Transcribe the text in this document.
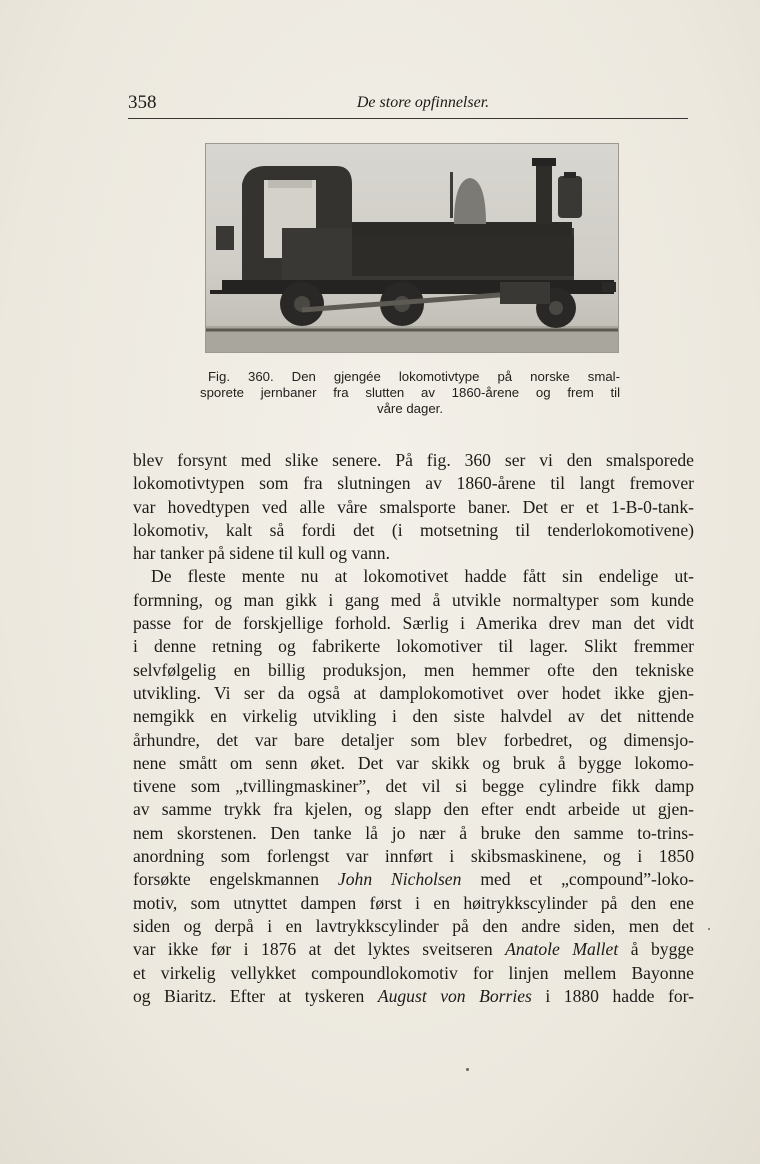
358	De store opfinnelser.
Fig. 360. Den gjengée lokomotivtype på norske smal-
sporete jernbaner fra slutten av 1860-årene og frem til
våre dager.
blev forsynt med slike senere. På fig. 360 ser vi den smalsporede
lokomotivtypen som fra slutningen av 1860-årene til langt fremover
var hovedtypen ved alle våre smalsporte baner. Det er et 1-B-0-tank-
lokomotiv, kalt så fordi det (i motsetning til tenderlokomotivene)
har tanker på sidene til kull og vann.
De fleste mente nu at lokomotivet hadde fått sin endelige ut-
formning, og man gikk i gang med å utvikle normaltyper som kunde
passe for de forskjellige forhold. Særlig i Amerika drev man det vidt
i denne retning og fabrikerte lokomotiver til lager. Slikt fremmer
selvfølgelig en billig produksjon, men hemmer ofte den tekniske
utvikling. Vi ser da også at damplokomotivet over hodet ikke gjen-
nemgikk en virkelig utvikling i den siste halvdel av det nittende
århundre, det var bare detaljer som blev forbedret, og dimensjo-
nene smått om senn øket. Det var skikk og bruk å bygge lokomo-
tivene som „tvillingmaskiner”, det vil si begge cylindre fikk damp
av samme trykk fra kjelen, og slapp den efter endt arbeide ut gjen-
nem skorstenen. Den tanke lå jo nær å bruke den samme to-trins-
anordning som forlengst var innført i skibsmaskinene, og i 1850
forsøkte engelskmannen John Nicholsen med et „compound”-loko-
motiv, som utnyttet dampen først i en høitrykkscylinder på den ene
siden og derpå i en lavtrykkscylinder på den andre siden, men det
var ikke før i 1876 at det lyktes sveitseren Anatole Mallet å bygge
et virkelig vellykket compoundlokomotiv for linjen mellem Bayonne
og Biaritz. Efter at tyskeren August von Borries i 1880 hadde for-
